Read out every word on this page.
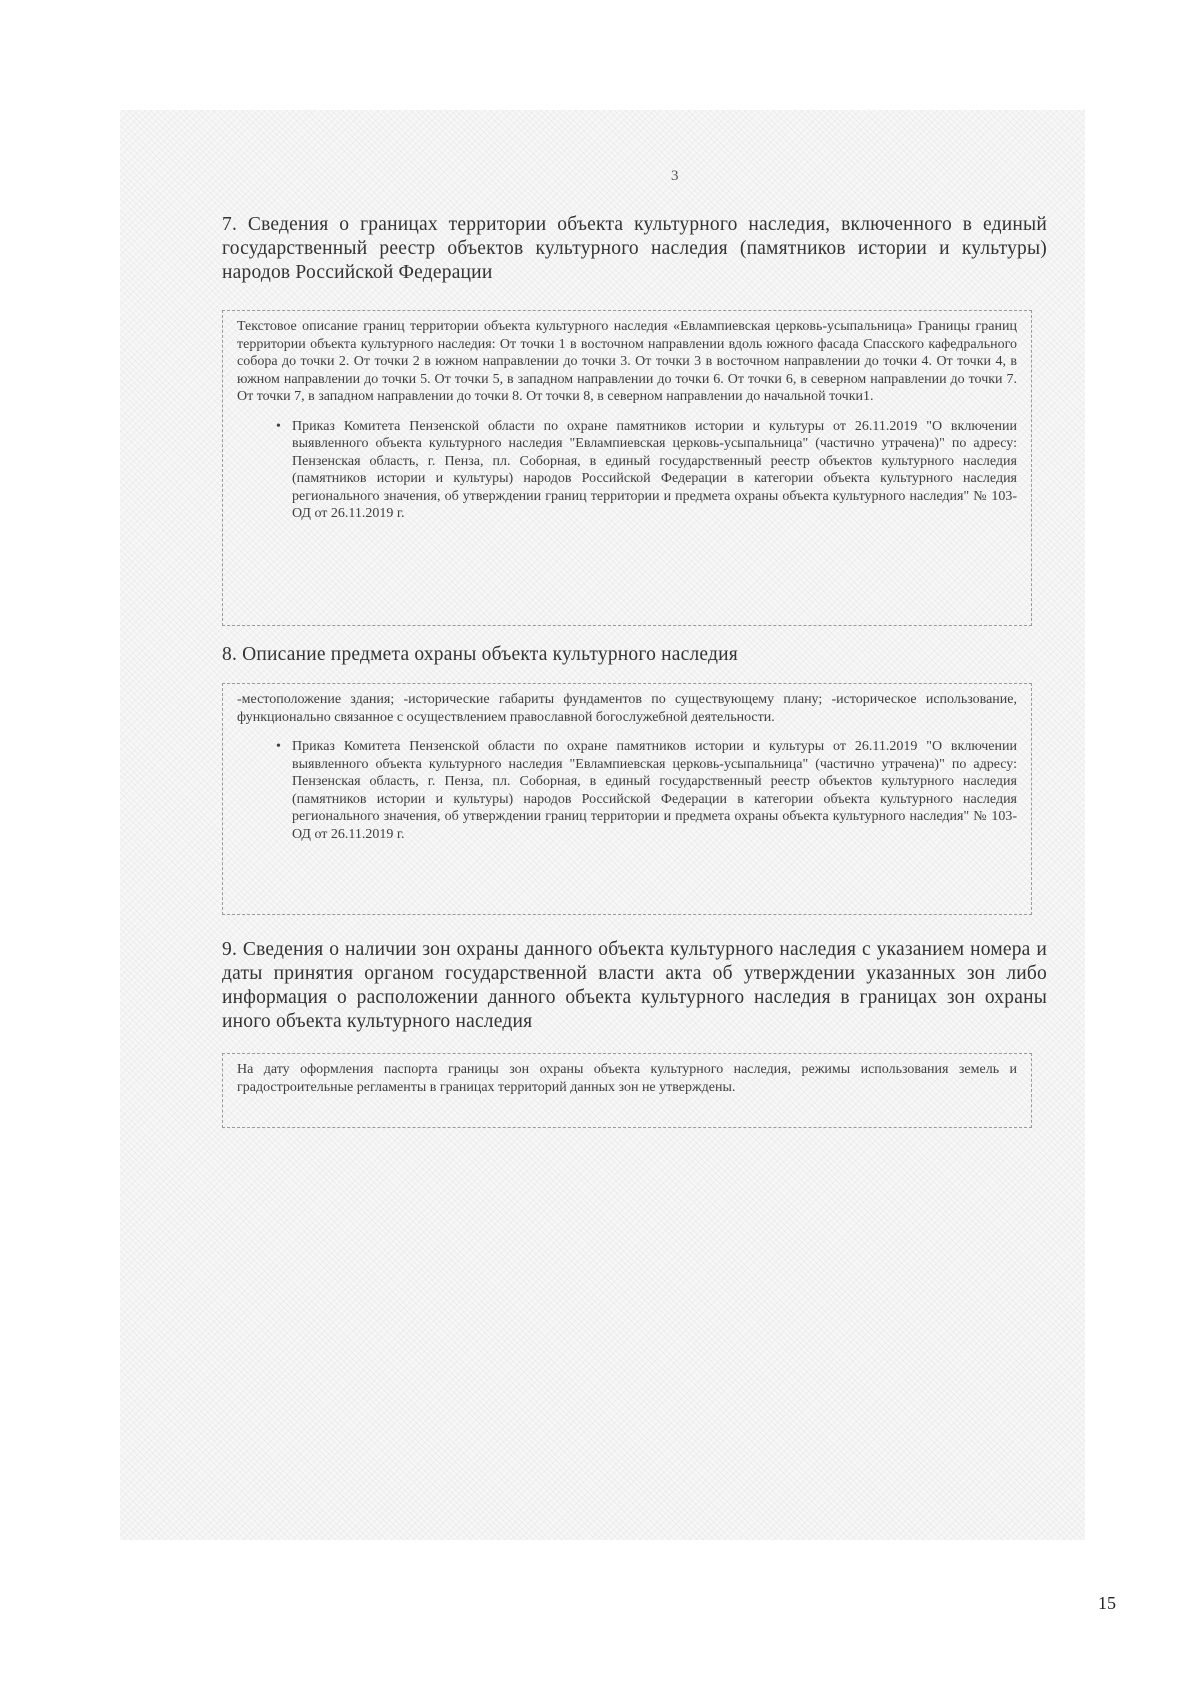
3
7. Сведения о границах территории объекта культурного наследия, включенного в единый государственный реестр объектов культурного наследия (памятников истории и культуры) народов Российской Федерации

Текстовое описание границ территории объекта культурного наследия «Евлампиевская церковь-усыпальница» Границы границ территории объекта культурного наследия: От точки 1 в восточном направлении вдоль южного фасада Спасского кафедрального собора до точки 2. От точки 2 в южном направлении до точки 3. От точки 3 в восточном направлении до точки 4. От точки 4, в южном направлении до точки 5. От точки 5, в западном направлении до точки 6. От точки 6, в северном направлении до точки 7. От точки 7, в западном направлении до точки 8. От точки 8, в северном направлении до начальной точки1.

• Приказ Комитета Пензенской области по охране памятников истории и культуры от 26.11.2019 "О включении выявленного объекта культурного наследия "Евлампиевская церковь-усыпальница" (частично утрачена)" по адресу: Пензенская область, г. Пенза, пл. Соборная, в единый государственный реестр объектов культурного наследия (памятников истории и культуры) народов Российской Федерации в категории объекта культурного наследия регионального значения, об утверждении границ территории и предмета охраны объекта культурного наследия" № 103-ОД от 26.11.2019 г.
8. Описание предмета охраны объекта культурного наследия

-местоположение здания; -исторические габариты фундаментов по существующему плану; -историческое использование, функционально связанное с осуществлением православной богослужебной деятельности.

• Приказ Комитета Пензенской области по охране памятников истории и культуры от 26.11.2019 "О включении выявленного объекта культурного наследия "Евлампиевская церковь-усыпальница" (частично утрачена)" по адресу: Пензенская область, г. Пенза, пл. Соборная, в единый государственный реестр объектов культурного наследия (памятников истории и культуры) народов Российской Федерации в категории объекта культурного наследия регионального значения, об утверждении границ территории и предмета охраны объекта культурного наследия" № 103-ОД от 26.11.2019 г.
9. Сведения о наличии зон охраны данного объекта культурного наследия с указанием номера и даты принятия органом государственной власти акта об утверждении указанных зон либо информация о расположении данного объекта культурного наследия в границах зон охраны иного объекта культурного наследия

На дату оформления паспорта границы зон охраны объекта культурного наследия, режимы использования земель и градостроительные регламенты в границах территорий данных зон не утверждены.

15
